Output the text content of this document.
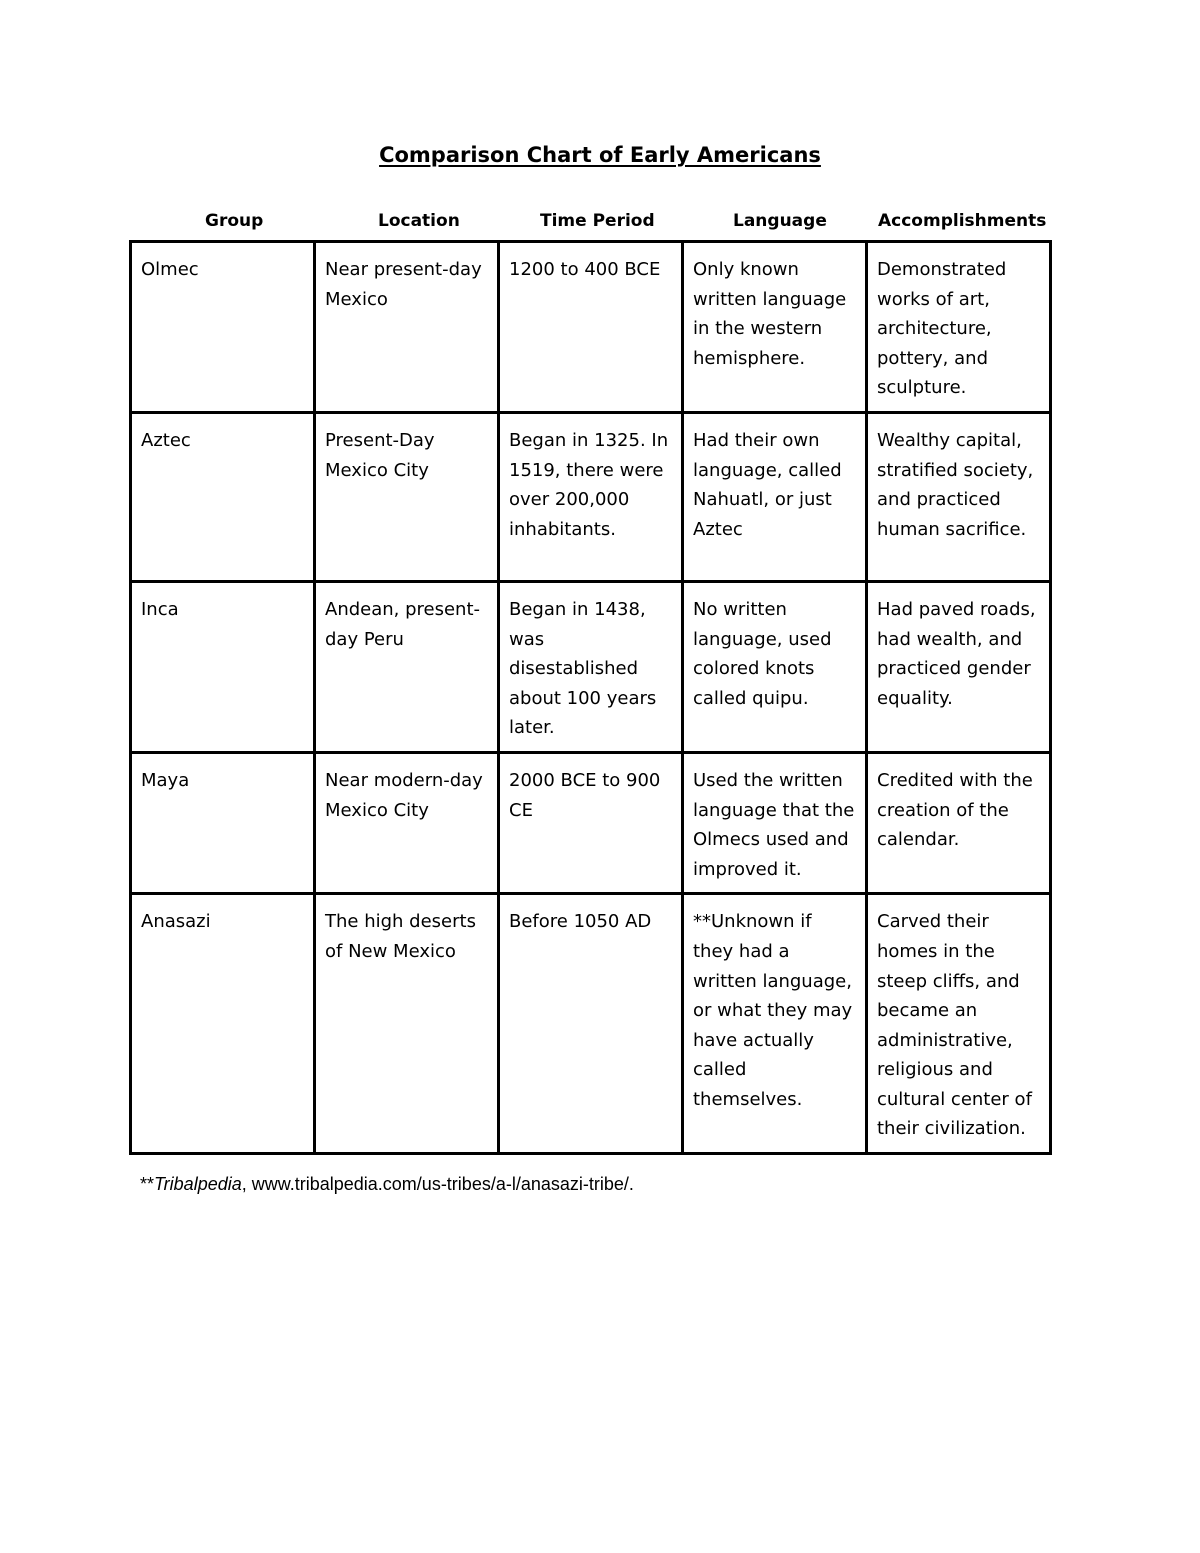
Comparison Chart of Early Americans
Group	Location	Time Period	Language	Accomplishments
Olmec	Near present-day Mexico	1200 to 400 BCE	Only known written language in the western hemisphere.	Demonstrated works of art, architecture, pottery, and sculpture.
Aztec	Present-Day Mexico City	Began in 1325. In 1519, there were over 200,000 inhabitants.	Had their own language, called Nahuatl, or just Aztec	Wealthy capital, stratified society, and practiced human sacrifice.
Inca	Andean, present-day Peru	Began in 1438, was disestablished about 100 years later.	No written language, used colored knots called quipu.	Had paved roads, had wealth, and practiced gender equality.
Maya	Near modern-day Mexico City	2000 BCE to 900 CE	Used the written language that the Olmecs used and improved it.	Credited with the creation of the calendar.
Anasazi	The high deserts of New Mexico	Before 1050 AD	**Unknown if they had a written language, or what they may have actually called themselves.	Carved their homes in the steep cliffs, and became an administrative, religious and cultural center of their civilization.
**Tribalpedia, www.tribalpedia.com/us-tribes/a-l/anasazi-tribe/.
